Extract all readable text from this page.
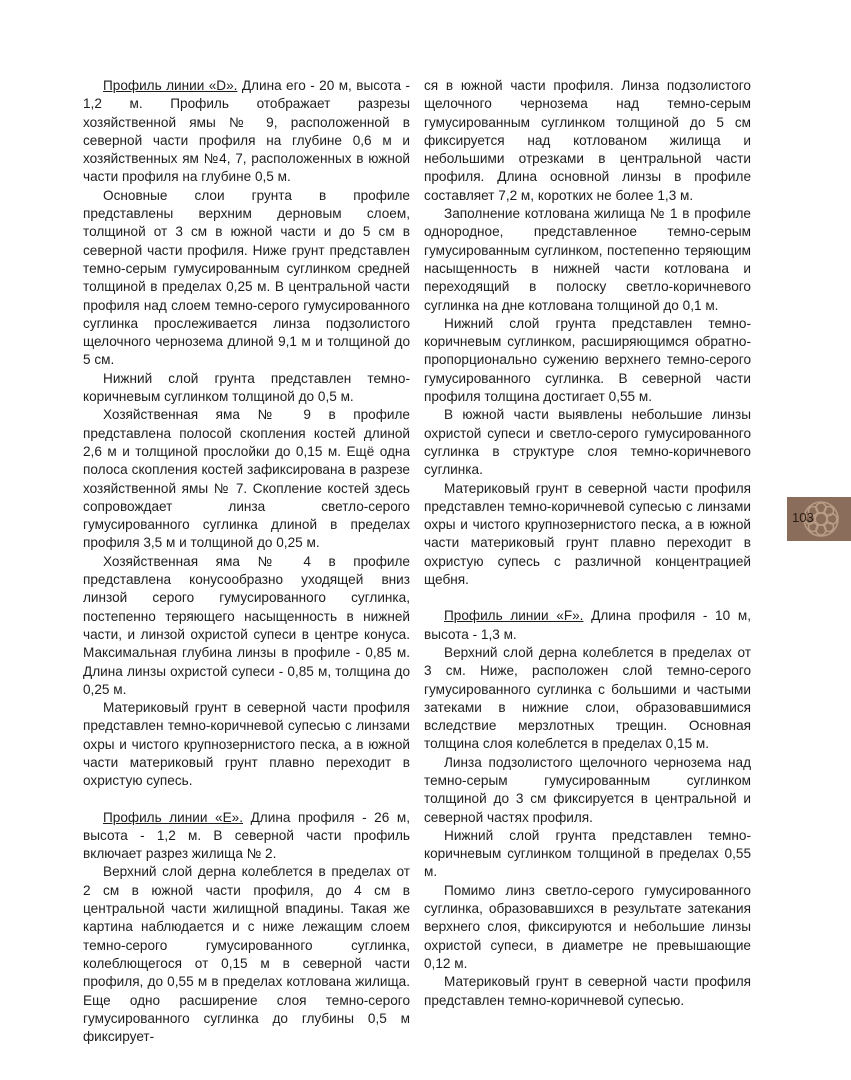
Профиль линии «D». Длина его - 20 м, высота - 1,2 м. Профиль отображает разрезы хозяйственной ямы № 9, расположенной в северной части профиля на глубине 0,6 м и хозяйственных ям №4, 7, расположенных в южной части профиля на глубине 0,5 м.

Основные слои грунта в профиле представлены верхним дерновым слоем, толщиной от 3 см в южной части и до 5 см в северной части профиля. Ниже грунт представлен темно-серым гумусированным суглинком средней толщиной в пределах 0,25 м. В центральной части профиля над слоем темно-серого гумусированного суглинка прослеживается линза подзолистого щелочного чернозема длиной 9,1 м и толщиной до 5 см.

Нижний слой грунта представлен темно-коричневым суглинком толщиной до 0,5 м.

Хозяйственная яма № 9 в профиле представлена полосой скопления костей длиной 2,6 м и толщиной прослойки до 0,15 м. Ещё одна полоса скопления костей зафиксирована в разрезе хозяйственной ямы № 7. Скопление костей здесь сопровождает линза светло-серого гумусированного суглинка длиной в пределах профиля 3,5 м и толщиной до 0,25 м.

Хозяйственная яма № 4 в профиле представлена конусообразно уходящей вниз линзой серого гумусированного суглинка, постепенно теряющего насыщенность в нижней части, и линзой охристой супеси в центре конуса. Максимальная глубина линзы в профиле - 0,85 м. Длина линзы охристой супеси - 0,85 м, толщина до 0,25 м.

Материковый грунт в северной части профиля представлен темно-коричневой супесью с линзами охры и чистого крупнозернистого песка, а в южной части материковый грунт плавно переходит в охристую супесь.

Профиль линии «Е». Длина профиля - 26 м, высота - 1,2 м. В северной части профиль включает разрез жилища № 2.

Верхний слой дерна колеблется в пределах от 2 см в южной части профиля, до 4 см в центральной части жилищной впадины. Такая же картина наблюдается и с ниже лежащим слоем темно-серого гумусированного суглинка, колеблющегося от 0,15 м в северной части профиля, до 0,55 м в пределах котлована жилища. Еще одно расширение слоя темно-серого гумусированного суглинка до глубины 0,5 м фиксирует-

ся в южной части профиля. Линза подзолистого щелочного чернозема над темно-серым гумусированным суглинком толщиной до 5 см фиксируется над котлованом жилища и небольшими отрезками в центральной части профиля. Длина основной линзы в профиле составляет 7,2 м, коротких не более 1,3 м.

Заполнение котлована жилища № 1 в профиле однородное, представленное темно-серым гумусированным суглинком, постепенно теряющим насыщенность в нижней части котлована и переходящий в полоску светло-коричневого суглинка на дне котлована толщиной до 0,1 м.

Нижний слой грунта представлен темно-коричневым суглинком, расширяющимся обратно-пропорционально сужению верхнего темно-серого гумусированного суглинка. В северной части профиля толщина достигает 0,55 м.

В южной части выявлены небольшие линзы охристой супеси и светло-серого гумусированного суглинка в структуре слоя темно-коричневого суглинка.

Материковый грунт в северной части профиля представлен темно-коричневой супесью с линзами охры и чистого крупнозернистого песка, а в южной части материковый грунт плавно переходит в охристую супесь с различной концентрацией щебня.

Профиль линии «F». Длина профиля - 10 м, высота - 1,3 м.

Верхний слой дерна колеблется в пределах от 3 см. Ниже, расположен слой темно-серого гумусированного суглинка с большими и частыми затеками в нижние слои, образовавшимися вследствие мерзлотных трещин. Основная толщина слоя колеблется в пределах 0,15 м.

Линза подзолистого щелочного чернозема над темно-серым гумусированным суглинком толщиной до 3 см фиксируется в центральной и северной частях профиля.

Нижний слой грунта представлен темно-коричневым суглинком толщиной в пределах 0,55 м.

Помимо линз светло-серого гумусированного суглинка, образовавшихся в результате затекания верхнего слоя, фиксируются и небольшие линзы охристой супеси, в диаметре не превышающие 0,12 м.

Материковый грунт в северной части профиля представлен темно-коричневой супесью.

103
